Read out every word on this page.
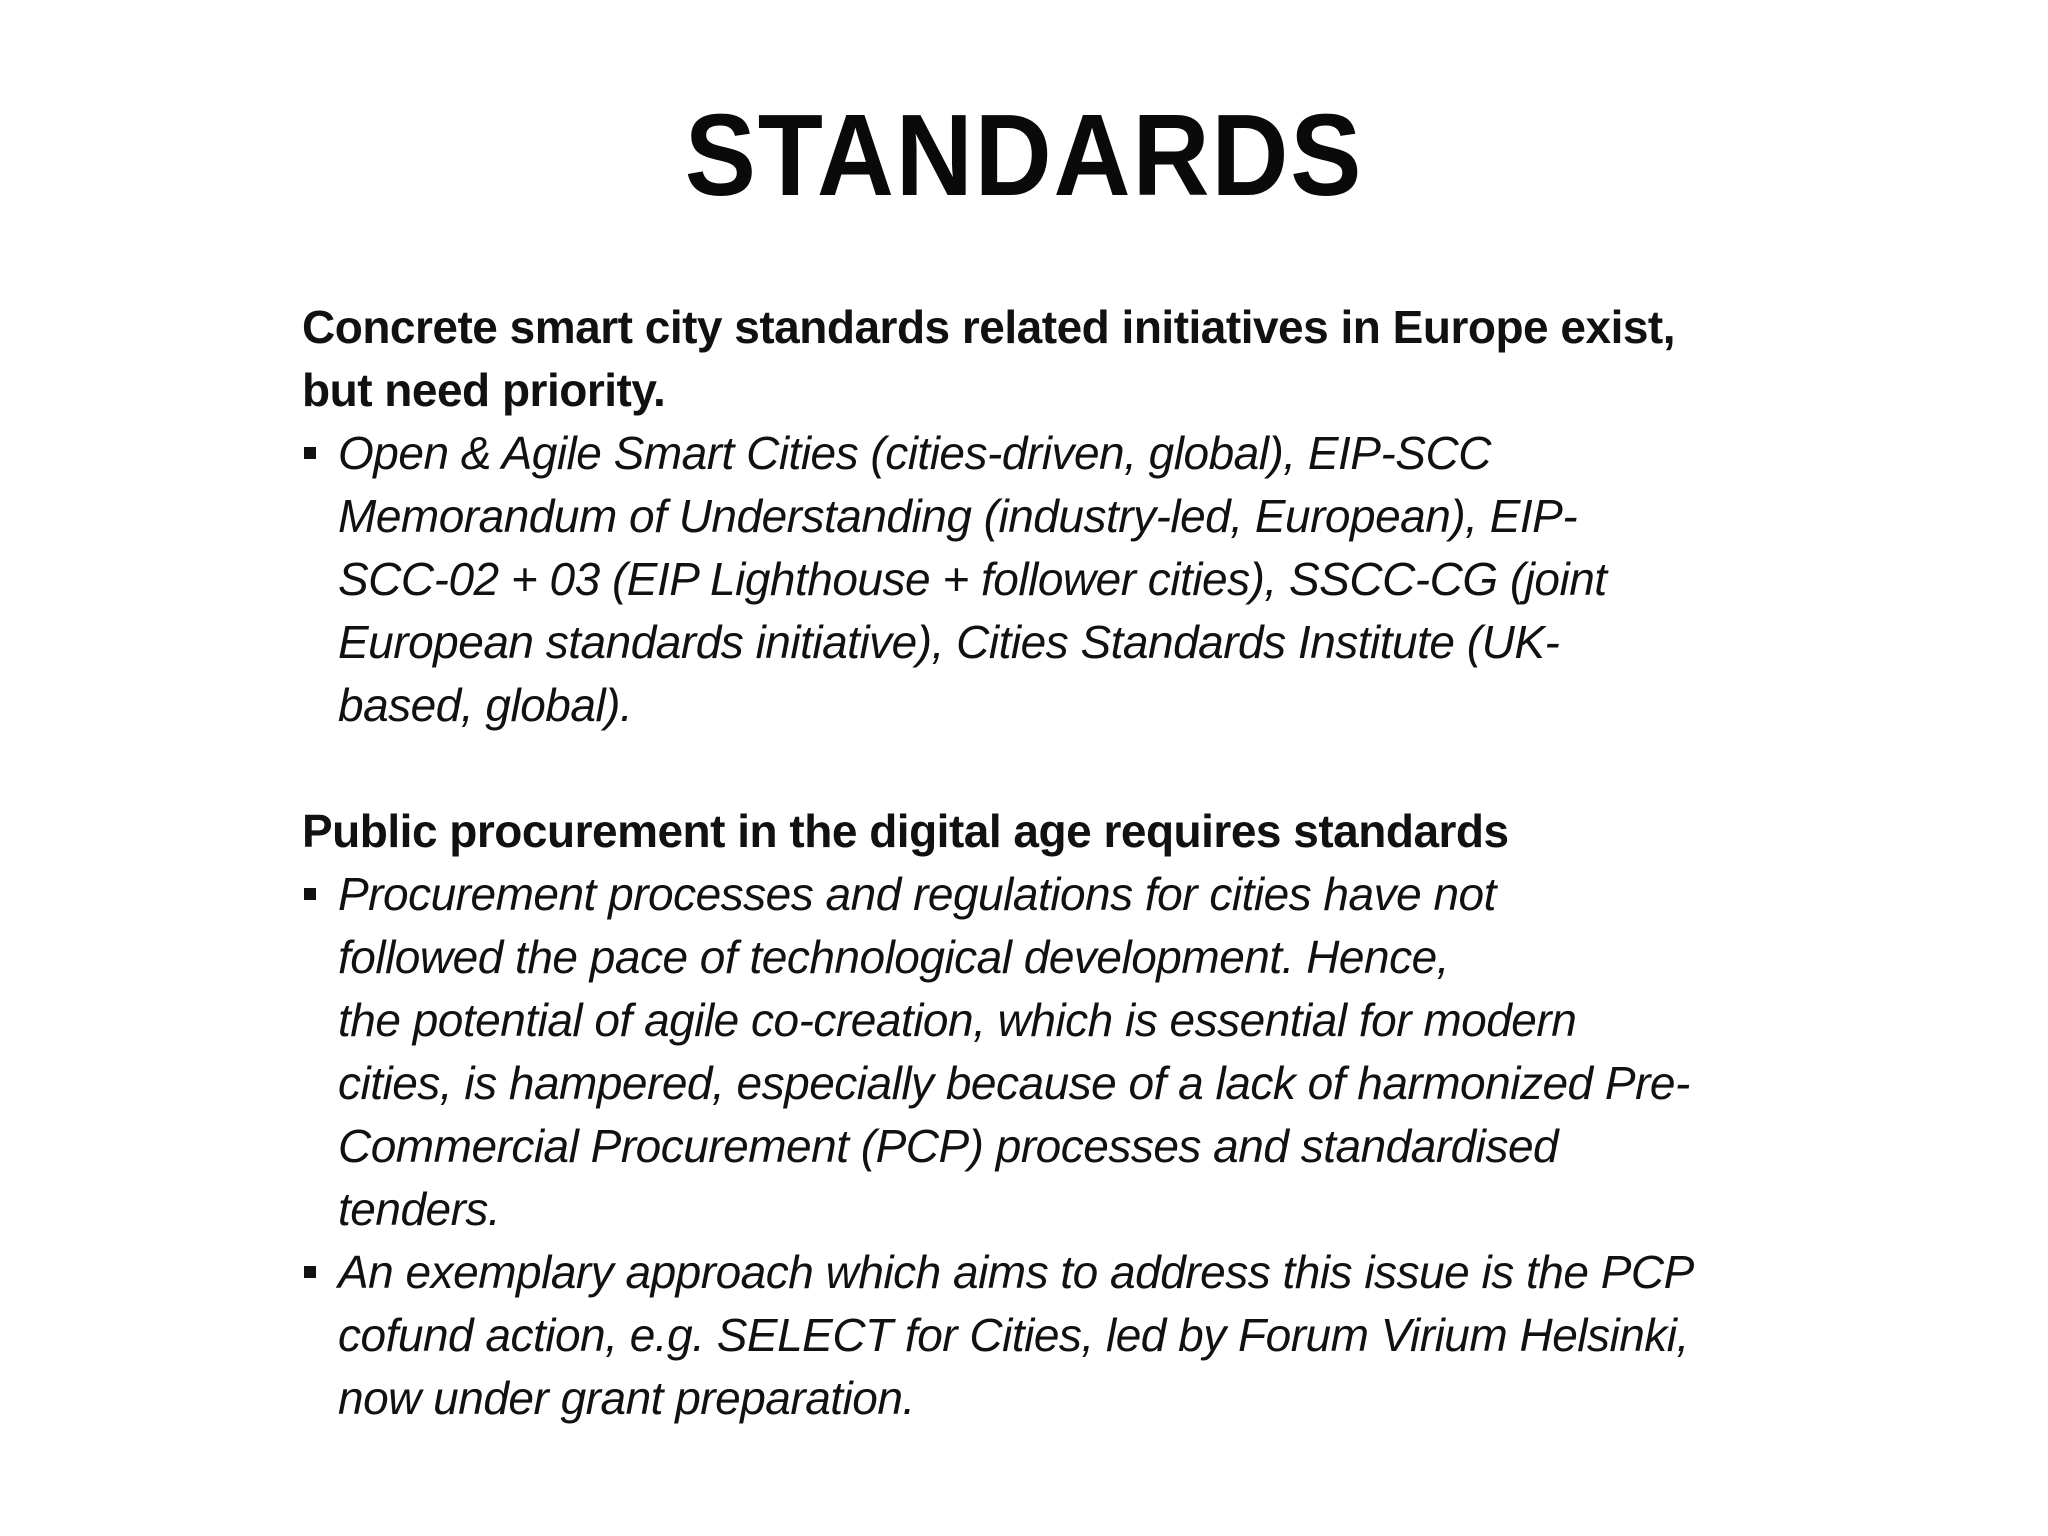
STANDARDS

Concrete smart city standards related initiatives in Europe exist,
but need priority.

Open & Agile Smart Cities (cities-driven, global), EIP-SCC
Memorandum of Understanding (industry-led, European), EIP-
SCC-02 + 03 (EIP Lighthouse + follower cities), SSCC-CG (joint
European standards initiative), Cities Standards Institute (UK-
based, global).

Public procurement in the digital age requires standards

Procurement processes and regulations for cities have not
followed the pace of technological development. Hence,
the potential of agile co-creation, which is essential for modern
cities, is hampered, especially because of a lack of harmonized Pre-
Commercial Procurement (PCP) processes and standardised
tenders.
An exemplary approach which aims to address this issue is the PCP
cofund action, e.g. SELECT for Cities, led by Forum Virium Helsinki,
now under grant preparation.
